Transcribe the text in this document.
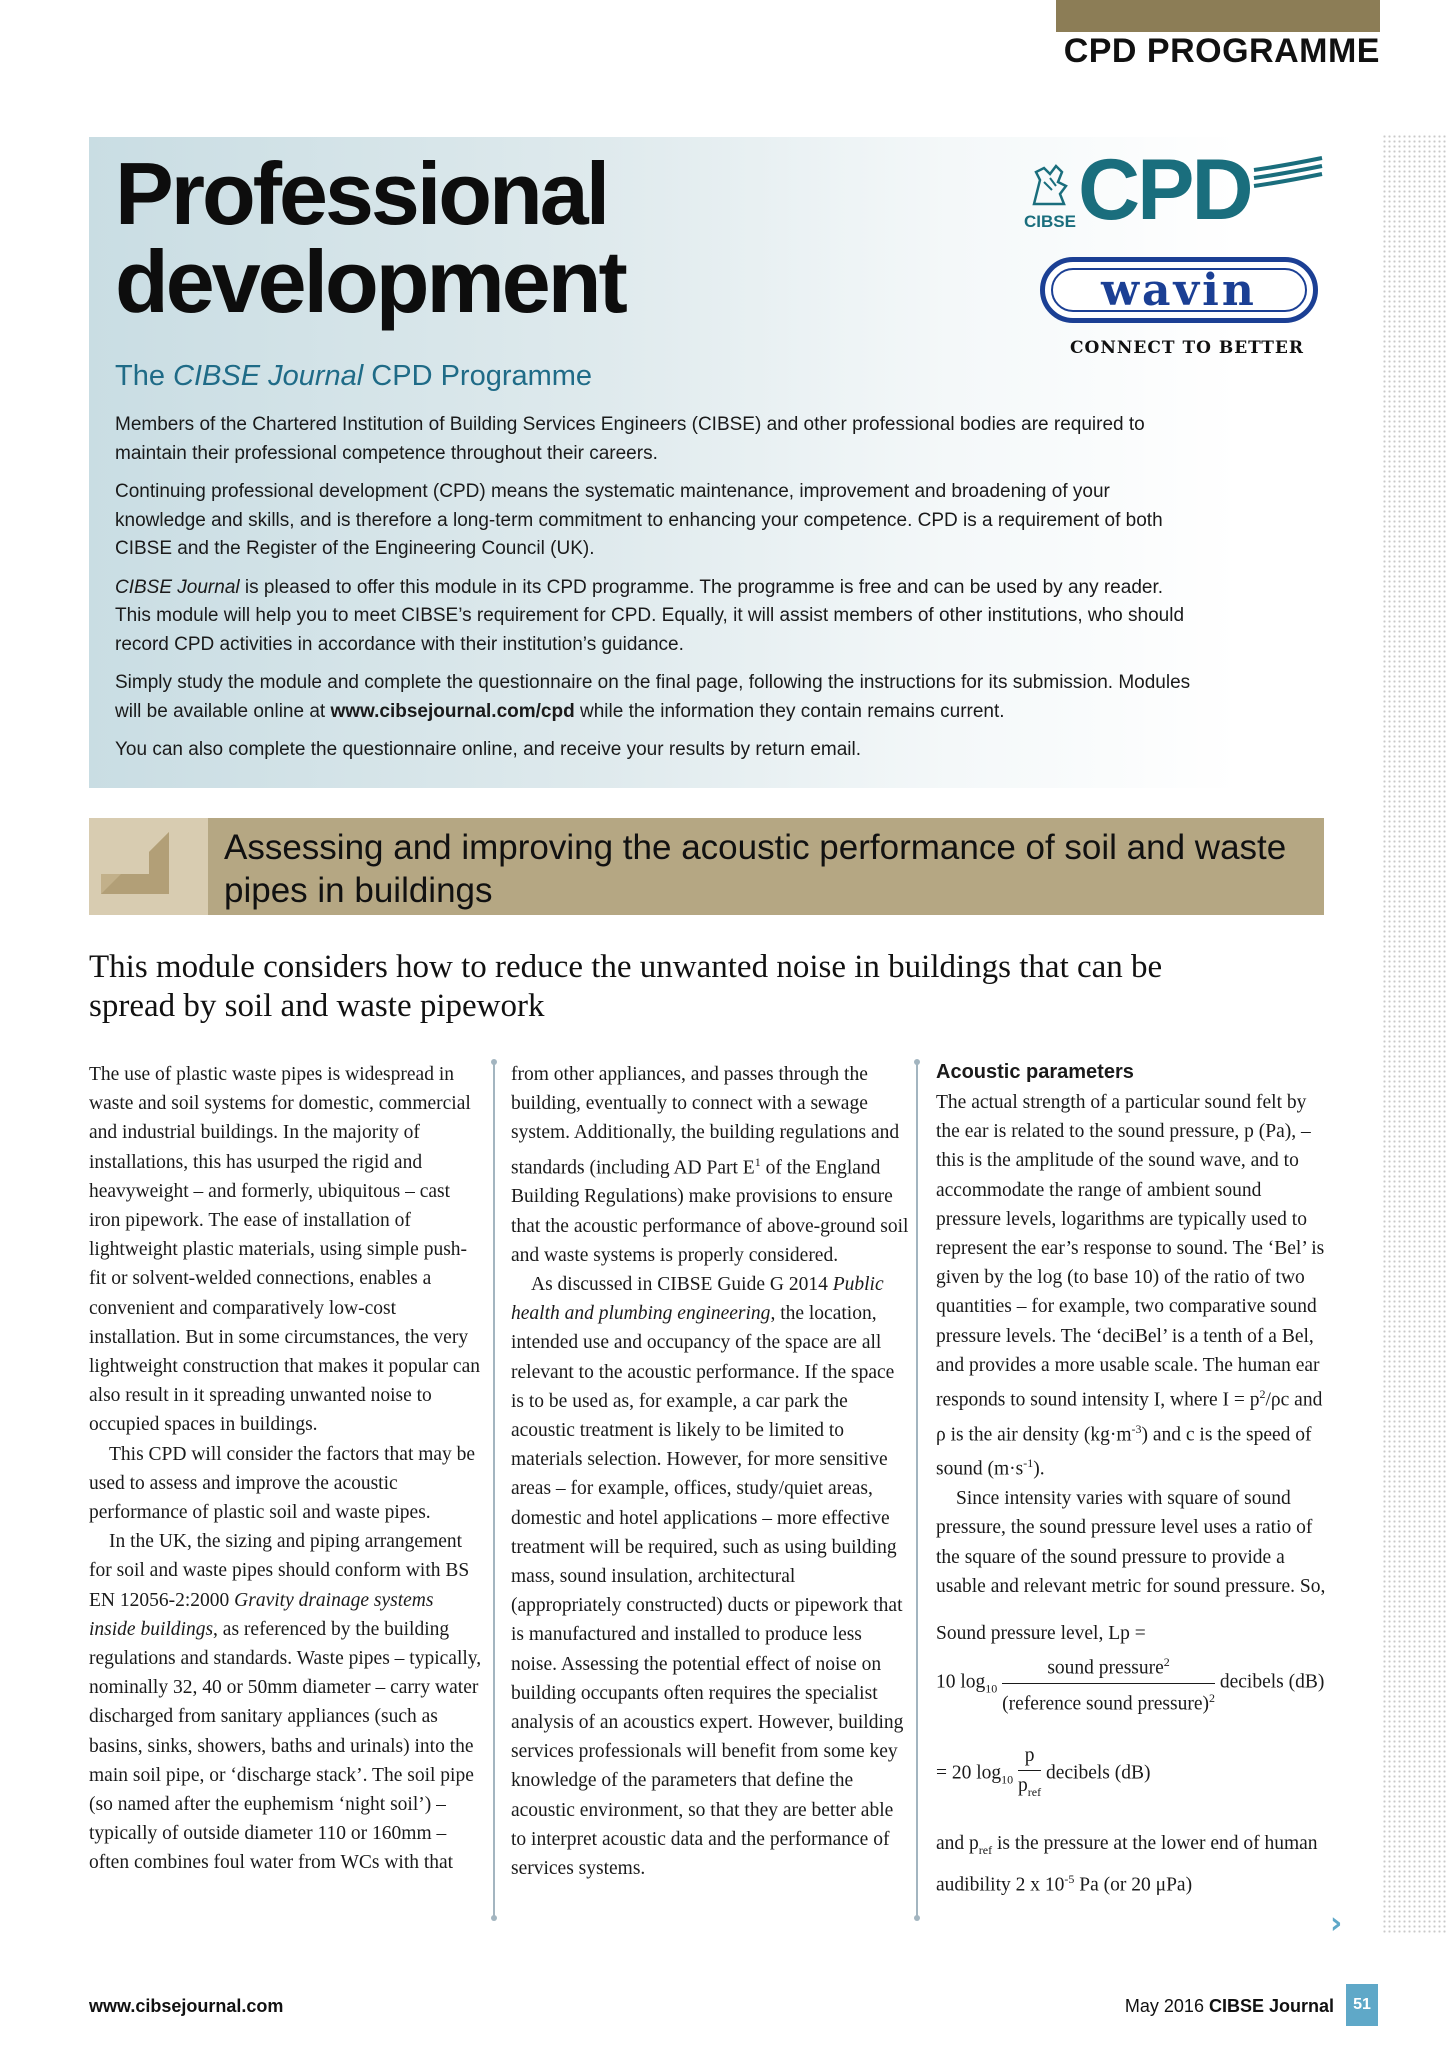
CPD PROGRAMME
Professional
development
CIBSE CPD
wavin
CONNECT TO BETTER
The CIBSE Journal CPD Programme

Members of the Chartered Institution of Building Services Engineers (CIBSE) and other professional bodies are required to maintain their professional competence throughout their careers.

Continuing professional development (CPD) means the systematic maintenance, improvement and broadening of your knowledge and skills, and is therefore a long-term commitment to enhancing your competence. CPD is a requirement of both CIBSE and the Register of the Engineering Council (UK).

CIBSE Journal is pleased to offer this module in its CPD programme. The programme is free and can be used by any reader. This module will help you to meet CIBSE’s requirement for CPD. Equally, it will assist members of other institutions, who should record CPD activities in accordance with their institution’s guidance.

Simply study the module and complete the questionnaire on the final page, following the instructions for its submission. Modules will be available online at www.cibsejournal.com/cpd while the information they contain remains current.

You can also complete the questionnaire online, and receive your results by return email.

Assessing and improving the acoustic performance of soil and waste pipes in buildings
This module considers how to reduce the unwanted noise in buildings that can be spread by soil and waste pipework

The use of plastic waste pipes is widespread in waste and soil systems for domestic, commercial and industrial buildings. In the majority of installations, this has usurped the rigid and heavyweight – and formerly, ubiquitous – cast iron pipework. The ease of installation of lightweight plastic materials, using simple push-fit or solvent-welded connections, enables a convenient and comparatively low-cost installation. But in some circumstances, the very lightweight construction that makes it popular can also result in it spreading unwanted noise to occupied spaces in buildings.

This CPD will consider the factors that may be used to assess and improve the acoustic performance of plastic soil and waste pipes.

In the UK, the sizing and piping arrangement for soil and waste pipes should conform with BS EN 12056-2:2000 Gravity drainage systems inside buildings, as referenced by the building regulations and standards. Waste pipes – typically, nominally 32, 40 or 50mm diameter – carry water discharged from sanitary appliances (such as basins, sinks, showers, baths and urinals) into the main soil pipe, or ‘discharge stack’. The soil pipe (so named after the euphemism ‘night soil’) – typically of outside diameter 110 or 160mm – often combines foul water from WCs with that

from other appliances, and passes through the building, eventually to connect with a sewage system. Additionally, the building regulations and standards (including AD Part $E^1$ of the England Building Regulations) make provisions to ensure that the acoustic performance of above-ground soil and waste systems is properly considered.

As discussed in CIBSE Guide G 2014 Public health and plumbing engineering, the location, intended use and occupancy of the space are all relevant to the acoustic performance. If the space is to be used as, for example, a car park the acoustic treatment is likely to be limited to materials selection. However, for more sensitive areas – for example, offices, study/quiet areas, domestic and hotel applications – more effective treatment will be required, such as using building mass, sound insulation, architectural (appropriately constructed) ducts or pipework that is manufactured and installed to produce less noise. Assessing the potential effect of noise on building occupants often requires the specialist analysis of an acoustics expert. However, building services professionals will benefit from some key knowledge of the parameters that define the acoustic environment, so that they are better able to interpret acoustic data and the performance of services systems.

Acoustic parameters

The actual strength of a particular sound felt by the ear is related to the sound pressure, p (Pa), – this is the amplitude of the sound wave, and to accommodate the range of ambient sound pressure levels, logarithms are typically used to represent the ear’s response to sound. The ‘Bel’ is given by the log (to base 10) of the ratio of two quantities – for example, two comparative sound pressure levels. The ‘deciBel’ is a tenth of a Bel, and provides a more usable scale. The human ear responds to sound intensity I, where $I = p^2/\rho c$ and ρ is the air density $(kg\cdot m^{-3})$ and c is the speed of sound $(m\cdot s^{-1})$.

Since intensity varies with square of sound pressure, the sound pressure level uses a ratio of the square of the sound pressure to provide a usable and relevant metric for sound pressure. So,

Sound pressure level, Lp =
10 $\log_{10} \frac{sound pressure^2}{(reference sound pressure)^2}$ decibels (dB)
= 20 $\log_{10} \frac{p}{p_{ref}}$ decibels (dB)

and $p_{ref}$ is the pressure at the lower end of human audibility 2 x $10^{-5}$ Pa (or 20 μPa)

›
www.cibsejournal.com	May 2016 CIBSE Journal	51
